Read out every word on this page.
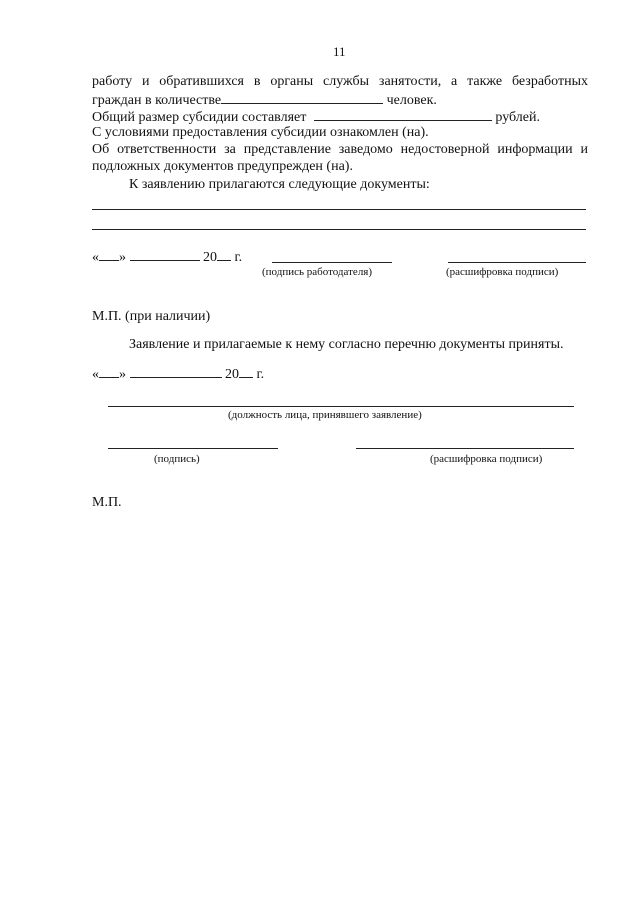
11
работу и обратившихся в органы службы занятости, а также безработных
граждан в количестве	человек.
Общий размер субсидии составляет	рублей.
С условиями предоставления субсидии ознакомлен (на).
Об ответственности за представление заведомо недостоверной информации и
подложных документов предупрежден (на).
К заявлению прилагаются следующие документы:
« »	20 г.
(подпись работодателя)	(расшифровка подписи)
М.П. (при наличии)
Заявление и прилагаемые к нему согласно перечню документы приняты.
« »	20 г.
(должность лица, принявшего заявление)
(подпись)	(расшифровка подписи)
М.П.
